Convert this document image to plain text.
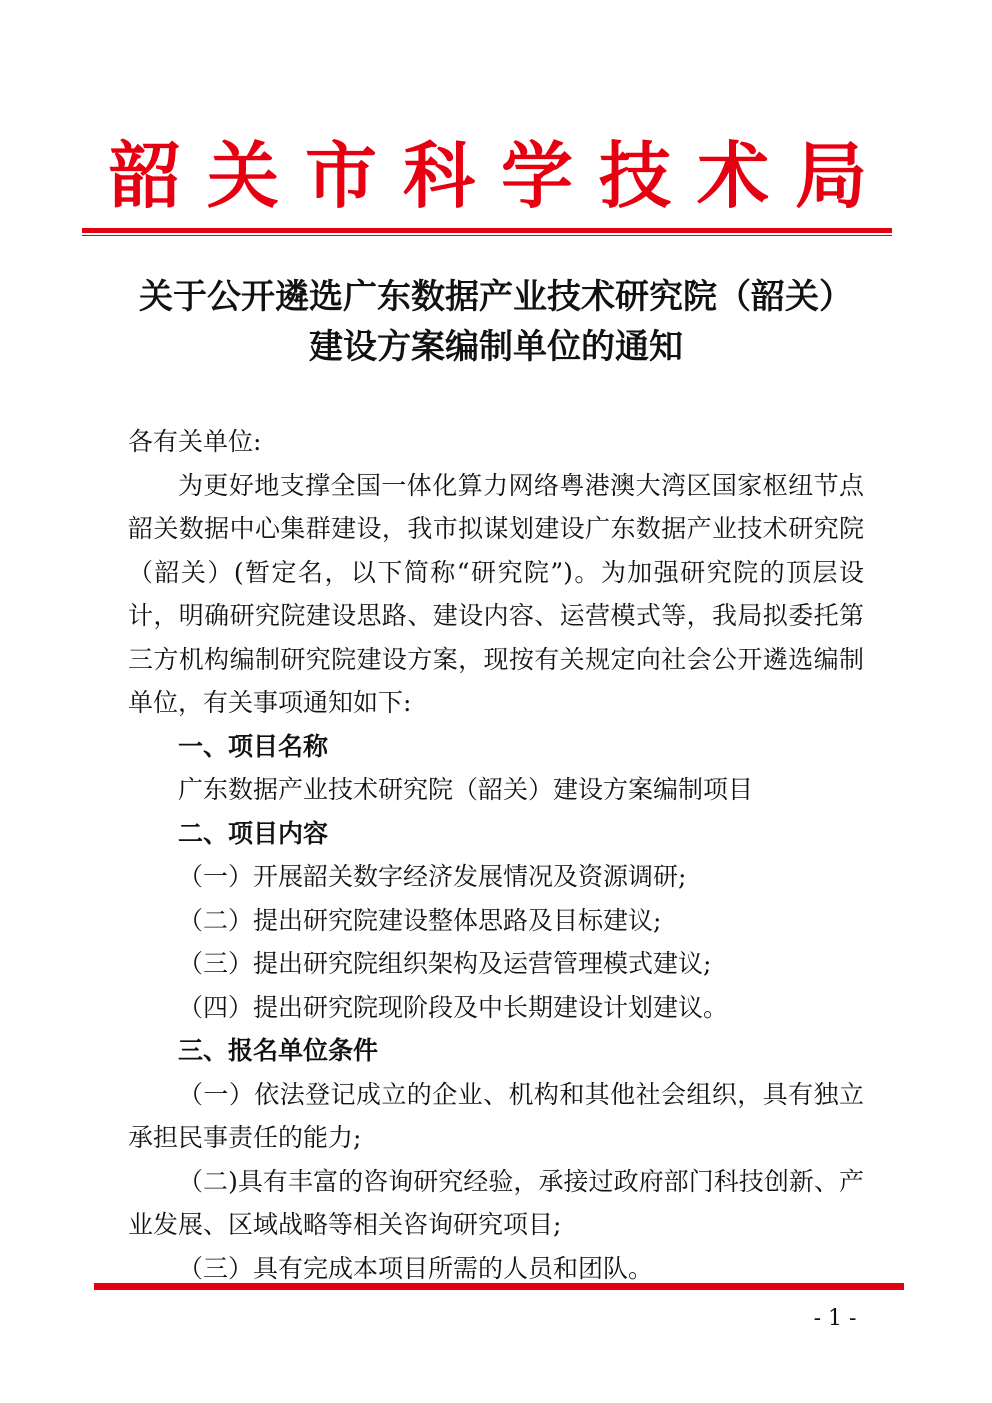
韶关市科学技术局
关于公开遴选广东数据产业技术研究院（韶关）
建设方案编制单位的通知

各有关单位:

为更好地支撑全国一体化算力网络粤港澳大湾区国家枢纽节点韶关数据中心集群建设，我市拟谋划建设广东数据产业技术研究院（韶关）(暂定名，以下简称“研究院”)。为加强研究院的顶层设计，明确研究院建设思路、建设内容、运营模式等，我局拟委托第三方机构编制研究院建设方案，现按有关规定向社会公开遴选编制单位，有关事项通知如下:

一、项目名称

广东数据产业技术研究院（韶关）建设方案编制项目

二、项目内容

（一）开展韶关数字经济发展情况及资源调研;

（二）提出研究院建设整体思路及目标建议;

（三）提出研究院组织架构及运营管理模式建议;

（四）提出研究院现阶段及中长期建设计划建议。

三、报名单位条件

（一）依法登记成立的企业、机构和其他社会组织，具有独立承担民事责任的能力;

（二)具有丰富的咨询研究经验，承接过政府部门科技创新、产业发展、区域战略等相关咨询研究项目;

（三）具有完成本项目所需的人员和团队。

- 1 -
